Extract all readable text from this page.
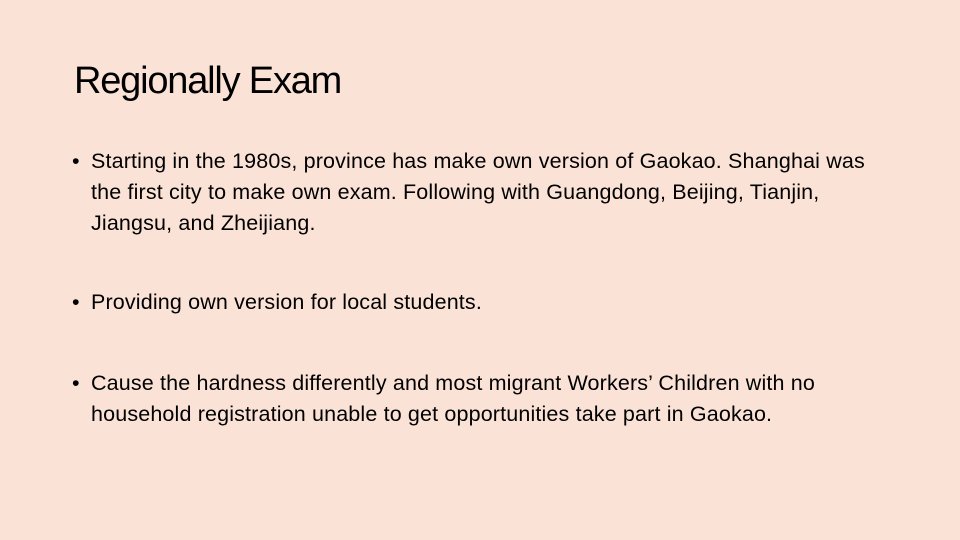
Regionally Exam
• Starting in the 1980s, province has make own version of Gaokao. Shanghai was the first city to make own exam. Following with Guangdong, Beijing, Tianjin, Jiangsu, and Zheijiang.
• Providing own version for local students.
• Cause the hardness differently and most migrant Workers’ Children with no household registration unable to get opportunities take part in Gaokao.
